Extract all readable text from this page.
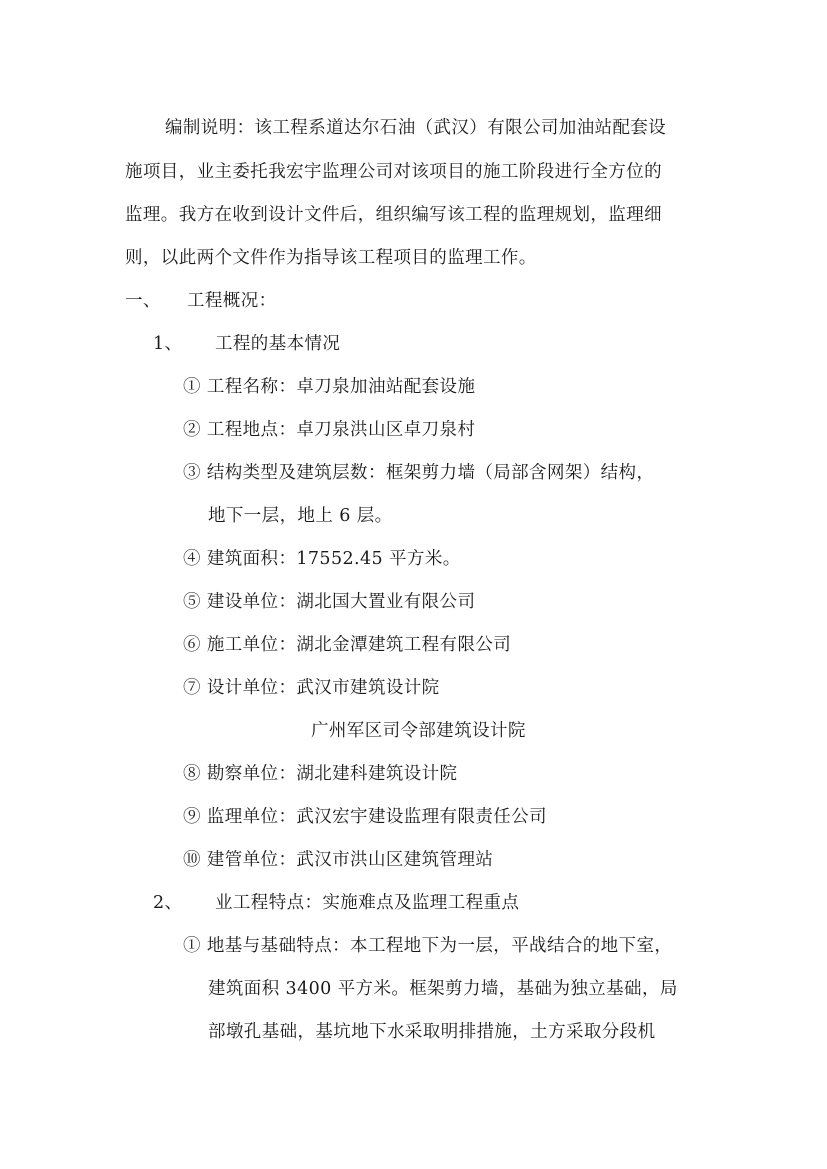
编制说明：该工程系道达尔石油（武汉）有限公司加油站配套设
施项目，业主委托我宏宇监理公司对该项目的施工阶段进行全方位的
监理。我方在收到设计文件后，组织编写该工程的监理规划，监理细
则，以此两个文件作为指导该工程项目的监理工作。
一、 工程概况：
1、 工程的基本情况
① 工程名称：卓刀泉加油站配套设施
② 工程地点：卓刀泉洪山区卓刀泉村
③ 结构类型及建筑层数：框架剪力墙（局部含网架）结构，
地下一层，地上 6 层。
④ 建筑面积：17552.45 平方米。
⑤ 建设单位：湖北国大置业有限公司
⑥ 施工单位：湖北金潭建筑工程有限公司
⑦ 设计单位：武汉市建筑设计院
广州军区司令部建筑设计院
⑧ 勘察单位：湖北建科建筑设计院
⑨ 监理单位：武汉宏宇建设监理有限责任公司
⑩ 建管单位：武汉市洪山区建筑管理站
2、 业工程特点：实施难点及监理工程重点
① 地基与基础特点：本工程地下为一层，平战结合的地下室，
建筑面积 3400 平方米。框架剪力墙，基础为独立基础，局
部墩孔基础，基坑地下水采取明排措施，土方采取分段机
